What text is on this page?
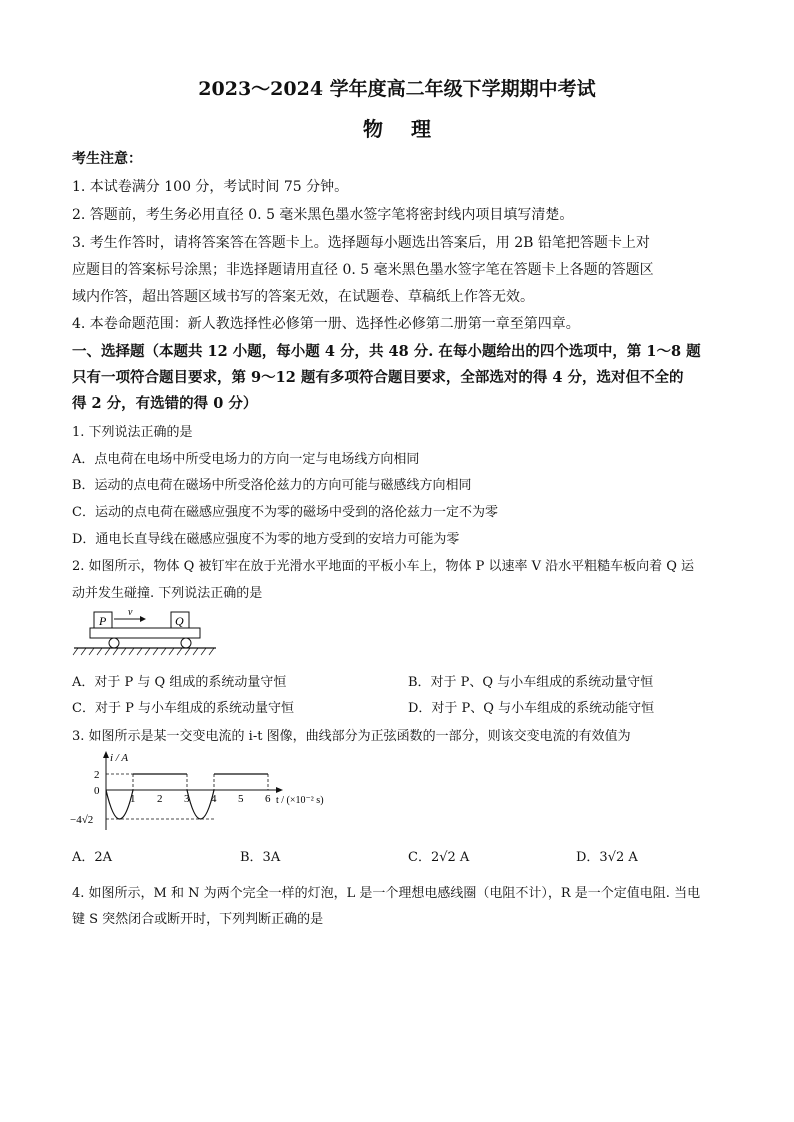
2023～2024 学年度高二年级下学期期中考试
物理
考生注意：
1. 本试卷满分 100 分，考试时间 75 分钟。
2. 答题前，考生务必用直径 0. 5 毫米黑色墨水签字笔将密封线内项目填写清楚。
3. 考生作答时，请将答案答在答题卡上。选择题每小题选出答案后，用 2B 铅笔把答题卡上对
应题目的答案标号涂黑；非选择题请用直径 0. 5 毫米黑色墨水签字笔在答题卡上各题的答题区
域内作答，超出答题区域书写的答案无效，在试题卷、草稿纸上作答无效。
4. 本卷命题范围：新人教选择性必修第一册、选择性必修第二册第一章至第四章。
一、选择题（本题共 12 小题，每小题 4 分，共 48 分. 在每小题给出的四个选项中，第 1～8 题
只有一项符合题目要求，第 9～12 题有多项符合题目要求，全部选对的得 4 分，选对但不全的
得 2 分，有选错的得 0 分）
1. 下列说法正确的是
A．点电荷在电场中所受电场力的方向一定与电场线方向相同
B．运动的点电荷在磁场中所受洛伦兹力的方向可能与磁感线方向相同
C．运动的点电荷在磁感应强度不为零的磁场中受到的洛伦兹力一定不为零
D．通电长直导线在磁感应强度不为零的地方受到的安培力可能为零
2. 如图所示，物体 Q 被钉牢在放于光滑水平地面的平板小车上，物体 P 以速率 V 沿水平粗糙车板向着 Q 运
动并发生碰撞. 下列说法正确的是
P
v
Q
A．对于 P 与 Q 组成的系统动量守恒	B．对于 P、Q 与小车组成的系统动量守恒
C．对于 P 与小车组成的系统动量守恒	D．对于 P、Q 与小车组成的系统动能守恒
3. 如图所示是某一交变电流的 i-t 图像，曲线部分为正弦函数的一部分，则该交变电流的有效值为
i / A
t / (×10⁻² s)
2
0
−4√2
1 2 3 4 5 6
A．2A	B．3A	C．2√2 A	D．3√2 A
4. 如图所示，M 和 N 为两个完全一样的灯泡，L 是一个理想电感线圈（电阻不计），R 是一个定值电阻. 当电
键 S 突然闭合或断开时，下列判断正确的是
